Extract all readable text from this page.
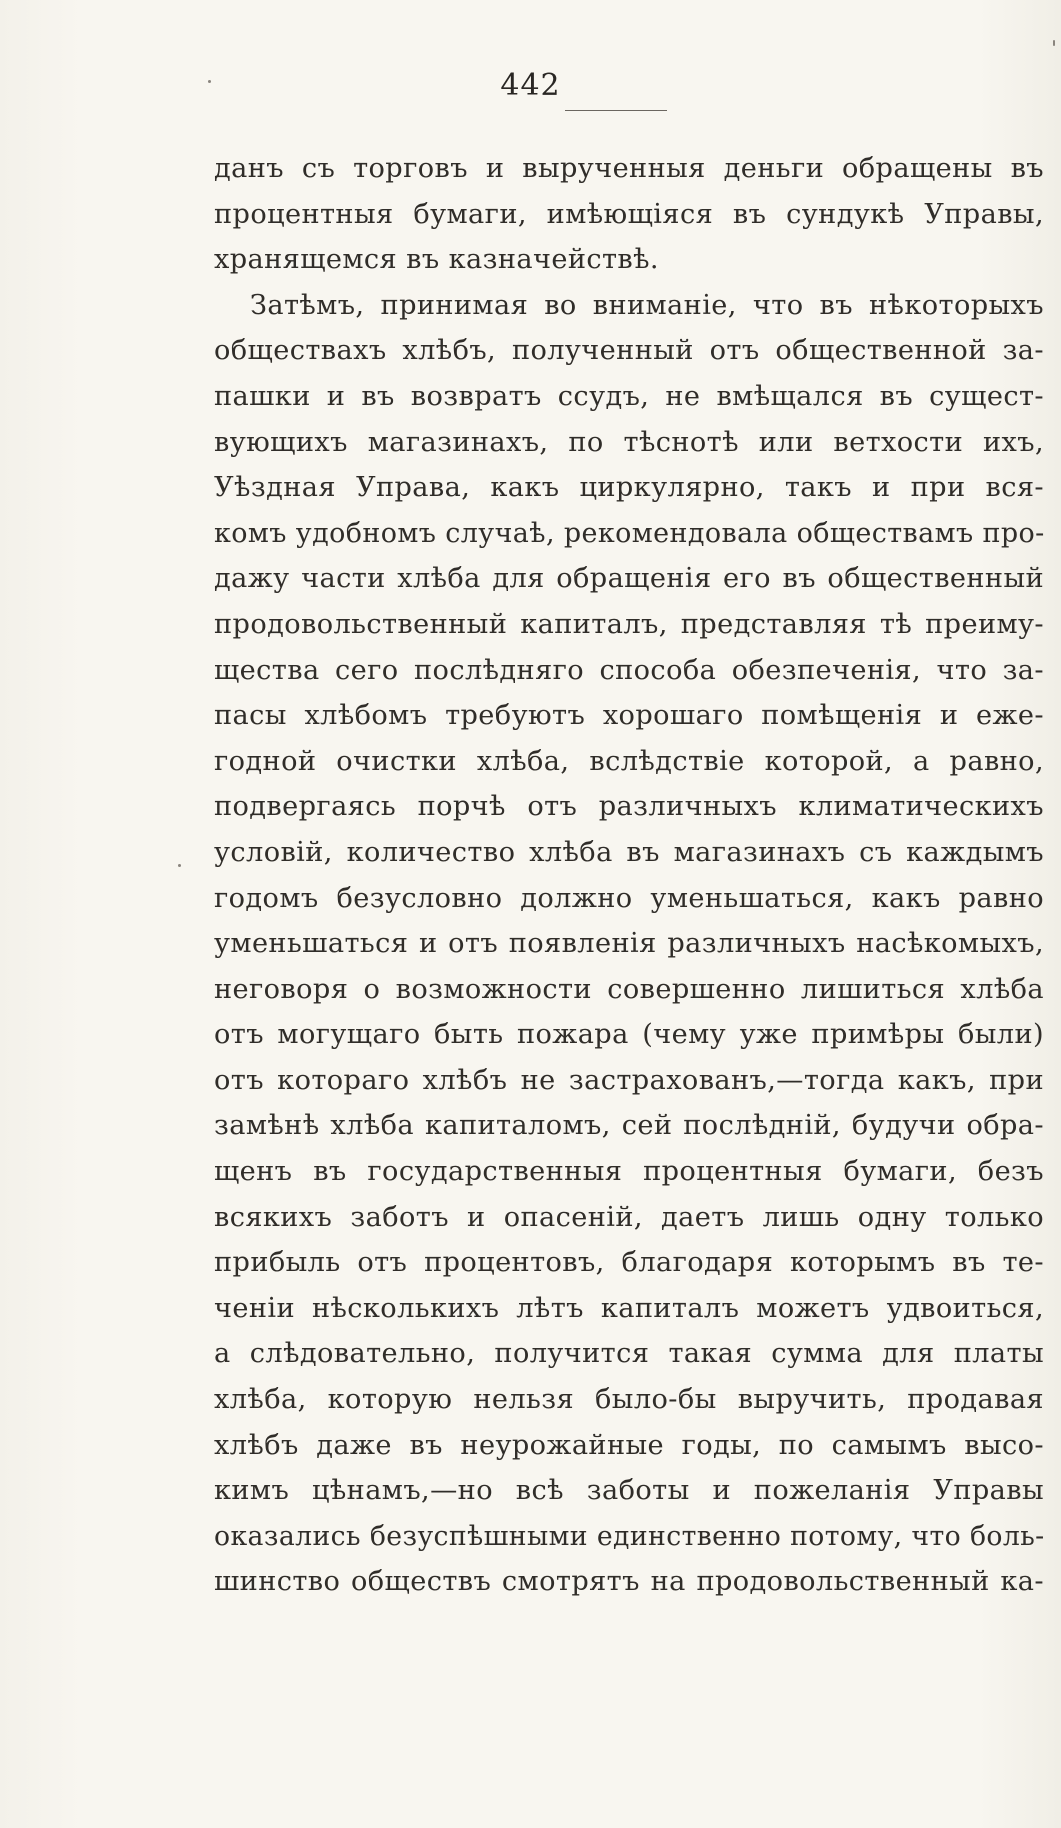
442
данъ съ торговъ и вырученныя деньги обращены въ
процентныя бумаги, имѣющіяся въ сундукѣ Управы,
хранящемся въ казначействѣ.
Затѣмъ, принимая во вниманіе, что въ нѣкоторыхъ
обществахъ хлѣбъ, полученный отъ общественной за-
пашки и въ возвратъ ссудъ, не вмѣщался въ сущест-
вующихъ магазинахъ, по тѣснотѣ или ветхости ихъ,
Уѣздная Управа, какъ циркулярно, такъ и при вся-
комъ удобномъ случаѣ, рекомендовала обществамъ про-
дажу части хлѣба для обращенія его въ общественный
продовольственный капиталъ, представляя тѣ преиму-
щества сего послѣдняго способа обезпеченія, что за-
пасы хлѣбомъ требуютъ хорошаго помѣщенія и еже-
годной очистки хлѣба, вслѣдствіе которой, а равно,
подвергаясь порчѣ отъ различныхъ климатическихъ
условій, количество хлѣба въ магазинахъ съ каждымъ
годомъ безусловно должно уменьшаться, какъ равно
уменьшаться и отъ появленія различныхъ насѣкомыхъ,
неговоря о возможности совершенно лишиться хлѣба
отъ могущаго быть пожара (чему уже примѣры были)
отъ котораго хлѣбъ не застрахованъ,—тогда какъ, при
замѣнѣ хлѣба капиталомъ, сей послѣдній, будучи обра-
щенъ въ государственныя процентныя бумаги, безъ
всякихъ заботъ и опасеній, даетъ лишь одну только
прибыль отъ процентовъ, благодаря которымъ въ те-
ченіи нѣсколькихъ лѣтъ капиталъ можетъ удвоиться,
а слѣдовательно, получится такая сумма для платы
хлѣба, которую нельзя было-бы выручить, продавая
хлѣбъ даже въ неурожайные годы, по самымъ высо-
кимъ цѣнамъ,—но всѣ заботы и пожеланія Управы
оказались безуспѣшными единственно потому, что боль-
шинство обществъ смотрятъ на продовольственный ка-
